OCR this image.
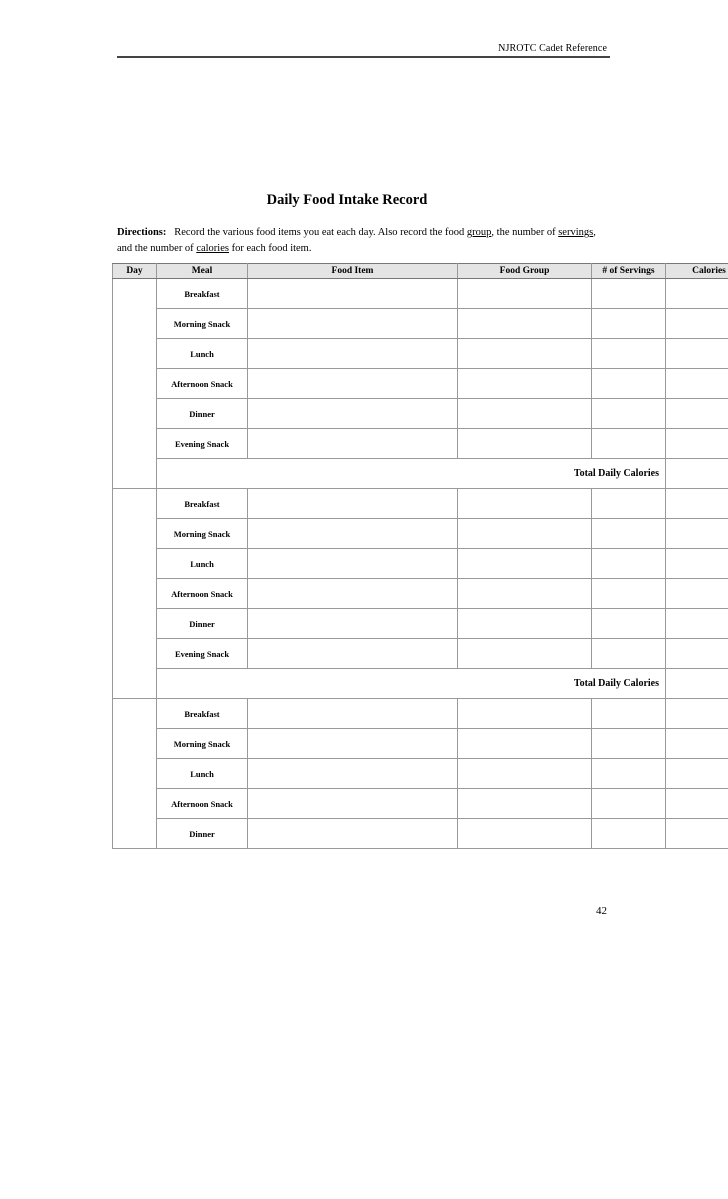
NJROTC Cadet Reference
Daily Food Intake Record
Directions: Record the various food items you eat each day. Also record the food group, the number of servings, and the number of calories for each food item.
Day	Meal	Food Item	Food Group	# of Servings	Calories
	Breakfast				
	Morning Snack				
	Lunch				
	Afternoon Snack				
	Dinner				
	Evening Snack				
	Total Daily Calories				
	Breakfast				
	Morning Snack				
	Lunch				
	Afternoon Snack				
	Dinner				
	Evening Snack				
	Total Daily Calories				
	Breakfast				
	Morning Snack				
	Lunch				
	Afternoon Snack				
	Dinner				
42
